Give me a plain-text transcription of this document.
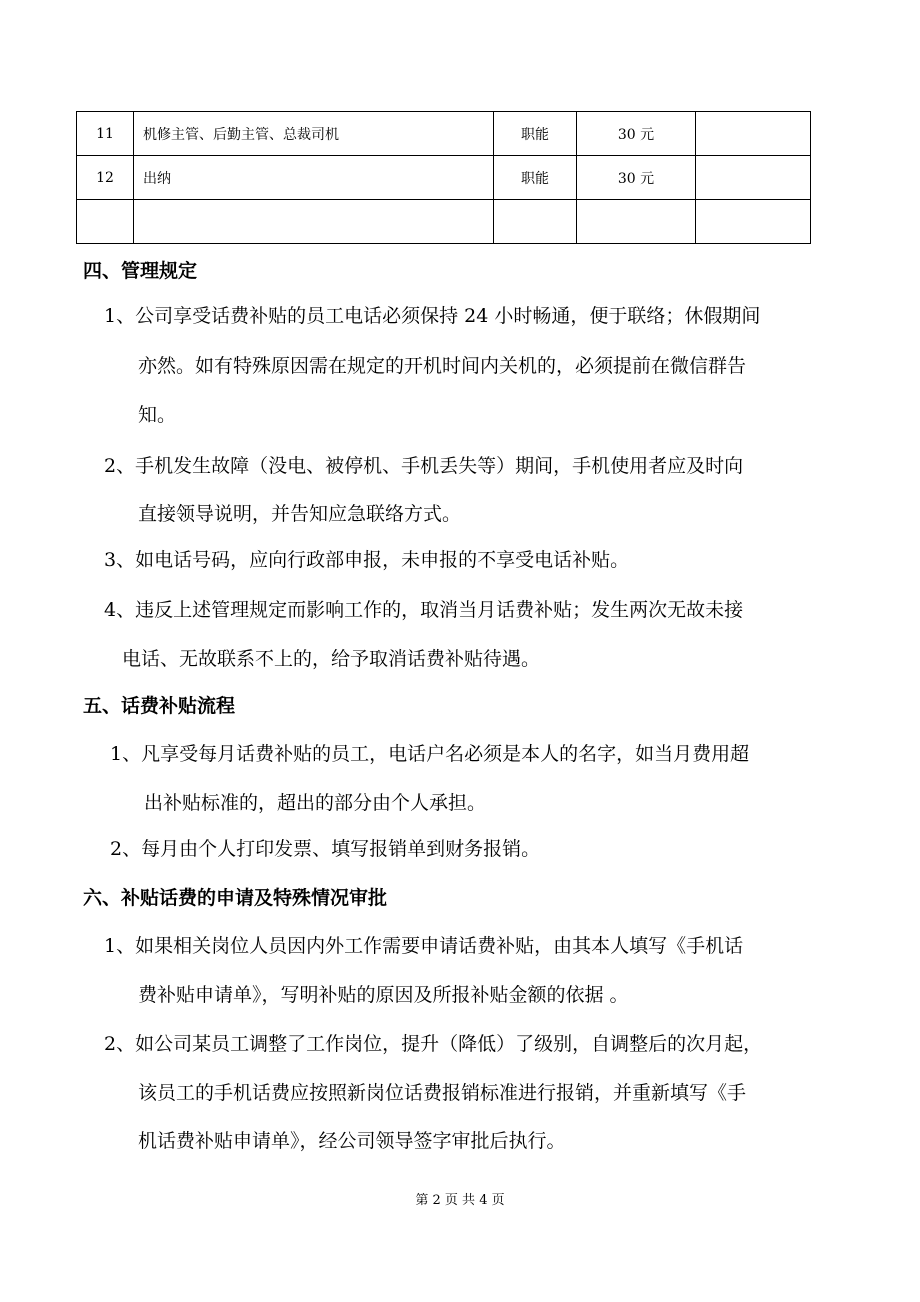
11	机修主管、后勤主管、总裁司机	职能	30 元	
12	出纳	职能	30 元	

四、管理规定
1、公司享受话费补贴的员工电话必须保持 24 小时畅通，便于联络；休假期间
亦然。如有特殊原因需在规定的开机时间内关机的，必须提前在微信群告
知。
2、手机发生故障（没电、被停机、手机丢失等）期间，手机使用者应及时向
直接领导说明，并告知应急联络方式。
3、如电话号码，应向行政部申报，未申报的不享受电话补贴。
4、违反上述管理规定而影响工作的，取消当月话费补贴；发生两次无故未接
电话、无故联系不上的，给予取消话费补贴待遇。
五、话费补贴流程
1、凡享受每月话费补贴的员工，电话户名必须是本人的名字，如当月费用超
出补贴标准的，超出的部分由个人承担。
2、每月由个人打印发票、填写报销单到财务报销。
六、补贴话费的申请及特殊情况审批
1、如果相关岗位人员因内外工作需要申请话费补贴，由其本人填写《手机话
费补贴申请单》，写明补贴的原因及所报补贴金额的依据 。
2、如公司某员工调整了工作岗位，提升（降低）了级别，自调整后的次月起，
该员工的手机话费应按照新岗位话费报销标准进行报销，并重新填写《手
机话费补贴申请单》，经公司领导签字审批后执行。
第 2 页 共 4 页
